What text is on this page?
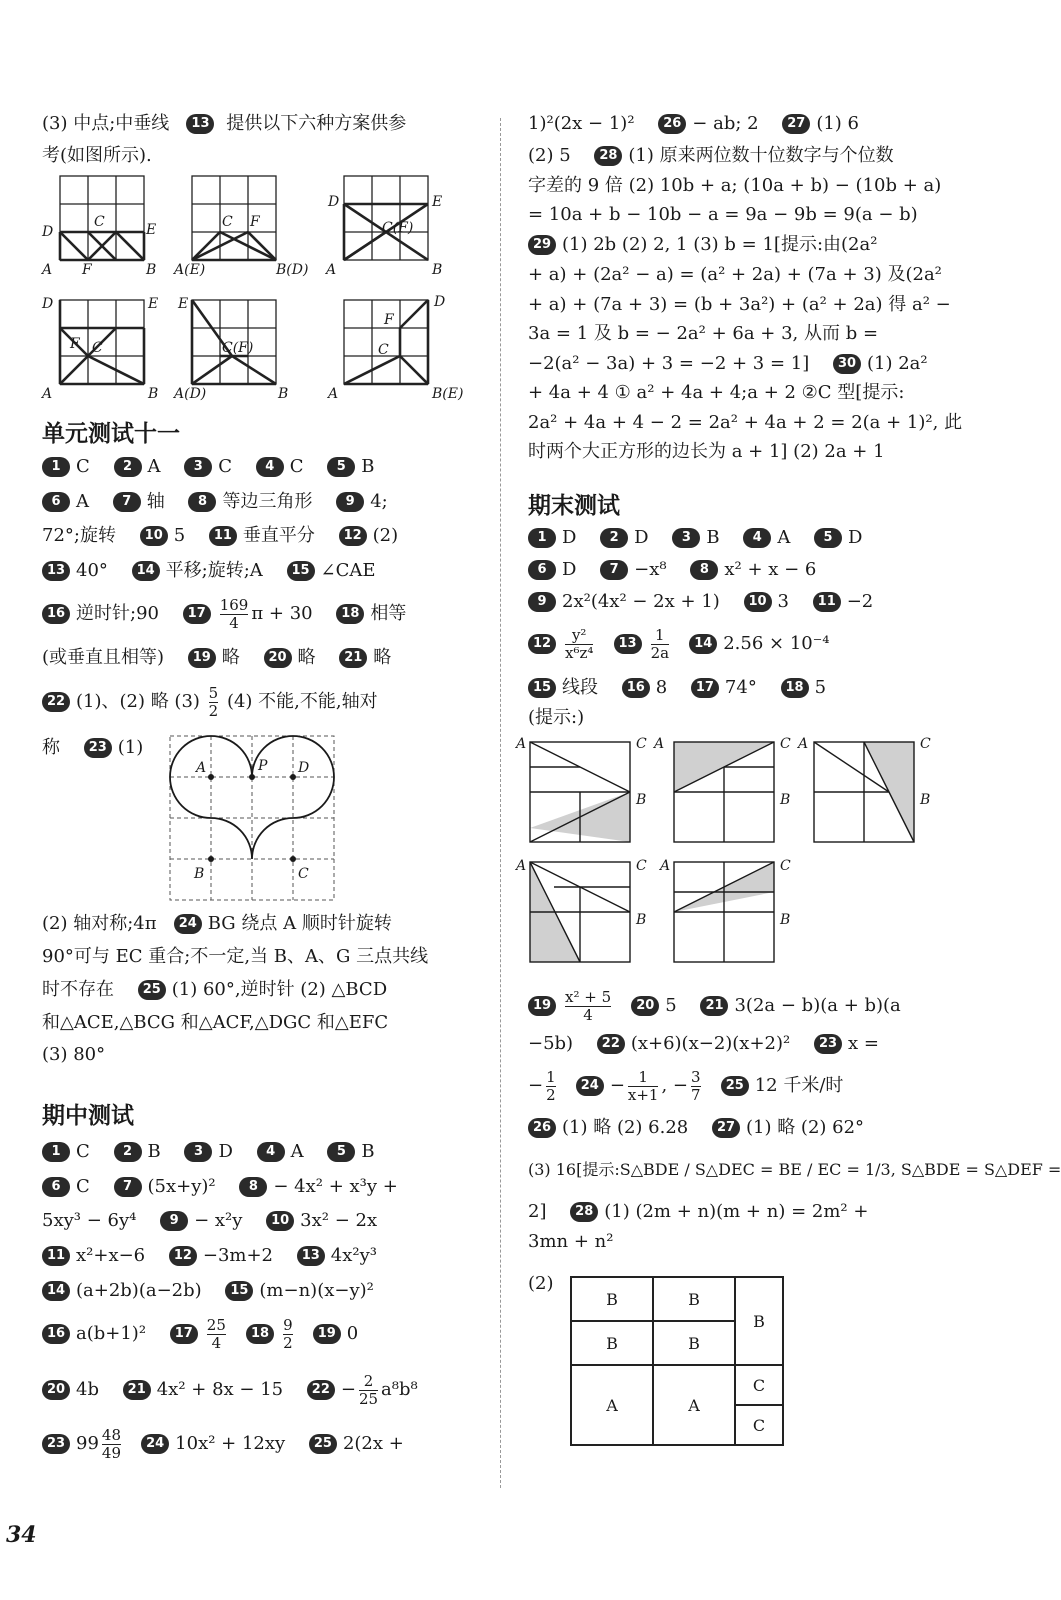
(3) 中点;中垂线 13 提供以下六种方案供参
考(如图所示).
D	E
A F	B
C	C F
A(E)	B(D)
D	E
A	B
C(F)
D	E
A	B
F C
E
A(D)	B
C(F)
D
A	B(E)
F
C
单元测试十一
1 C	2 A	3 C	4 C	5 B
6 A	7 轴	8 等边三角形	9 4;
72°;旋转 10 5 11 垂直平分 12 (2)
13 40° 14 平移;旋转;A 15 ∠CAE
16 逆时针;90 $17 \frac{169}{4}$ π + 30 18 相等
(或垂直且相等) 19 略 20 略 21 略
22 (1)、(2) 略 $(3) \frac{5}{2} (4)$ 不能,不能,轴对
称 23 (1)
A	P D
B	C
(2) 轴对称;4π 24 BG 绕点 A 顺时针旋转
90°可与 EC 重合;不一定,当 B、A、G 三点共线
时不存在 25 (1) 60°,逆时针 (2) △BCD
和△ACE,△BCG 和△ACF,△DGC 和△EFC
(3) 80°
期中测试
1 C	2 B	3 D	4 A	5 B
6 C	7 (5x+y)²	8 − 4x² + x³y +
5xy³ − 6y⁴	9 − x²y 10 3x² − 2x
11 x²+x−6 12 −3m+2 13 4x²y³
14 (a+2b)(a−2b) 15 (m−n)(x−y)²
16 a(b+1)² $17 \frac{25}{4} 18 \frac{9}{2} 19$ 0
20 4b 21 4x² + 8x − 15 $22 - \frac{2}{25} a^8b^8$
23 $99 \frac{48}{49} 24$ 10x² + 12xy 25 2(2x +
1)²(2x − 1)² 26 − ab; 2 27 (1) 6
(2) 5 28 (1) 原来两位数十位数字与个位数
字差的 9 倍 (2) 10b + a; (10a + b) − (10b + a)
= 10a + b − 10b − a = 9a − 9b = 9(a − b)
29 (1) 2b (2) 2, 1 (3) b = 1[提示:由(2a²
+ a) + (2a² − a) = (a² + 2a) + (7a + 3) 及(2a²
+ a) + (7a + 3) = (b + 3a²) + (a² + 2a) 得 a² −
3a = 1 及 b = − 2a² + 6a + 3, 从而 b =
−2(a² − 3a) + 3 = −2 + 3 = 1] 30 (1) 2a²
+ 4a + 4 ① a² + 4a + 4;a + 2 ②C 型[提示:
2a² + 4a + 4 − 2 = 2a² + 4a + 2 = 2(a + 1)², 此
时两个大正方形的边长为 a + 1] (2) 2a + 1
期末测试
1 D	2 D	3 B	4 A	5 D
6 D	7 −x⁸	8 x² + x − 6
9 2x²(4x² − 2x + 1) 10 3 11 −2
$12 \frac{\text{y²}}{\text{x⁶z⁴}} 13 \frac{1}{2a} 14$ 2.56 × 10⁻⁴
15 线段 16 8 17 74° 18 5
(提示:)
A	C
B
A	C
B
A	C
B
A	C
B
A	C
B
$19 \frac{\text{x² + 5}}{4} 20$ 5 21 3(2a − b)(a + b)(a
−5b) 22 (x+6)(x−2)(x+2)² 23 x =
− $\frac{1}{2} 24 - \frac{1}{x+1}$ , − $\frac{3}{7} 25$ 12 千米/时
26 (1) 略 (2) 6.28 27 (1) 略 (2) 62°
(3) 16[提示:S△BDE / S△DEC = BE / EC = 1/3, S△BDE = S△DEF =
2] 28 (1) (2m + n)(m + n) = 2m² +
3mn + n²
(2)
B	B	B
B	B	
A	A	C
		C
34
